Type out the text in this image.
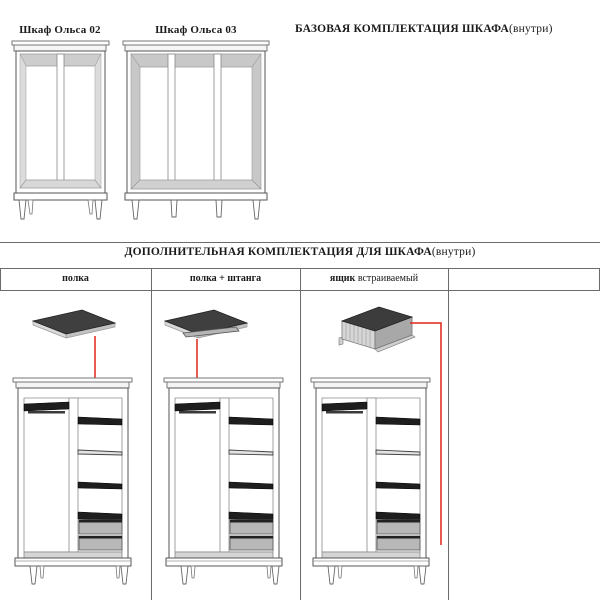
Шкаф Ольса 02	Шкаф Ольса 03	БАЗОВАЯ КОМПЛЕКТАЦИЯ ШКАФА(внутри)
ДОПОЛНИТЕЛЬНАЯ КОМПЛЕКТАЦИЯ ДЛЯ ШКАФА(внутри)
полка	полка + штанга	ящик встраиваемый
